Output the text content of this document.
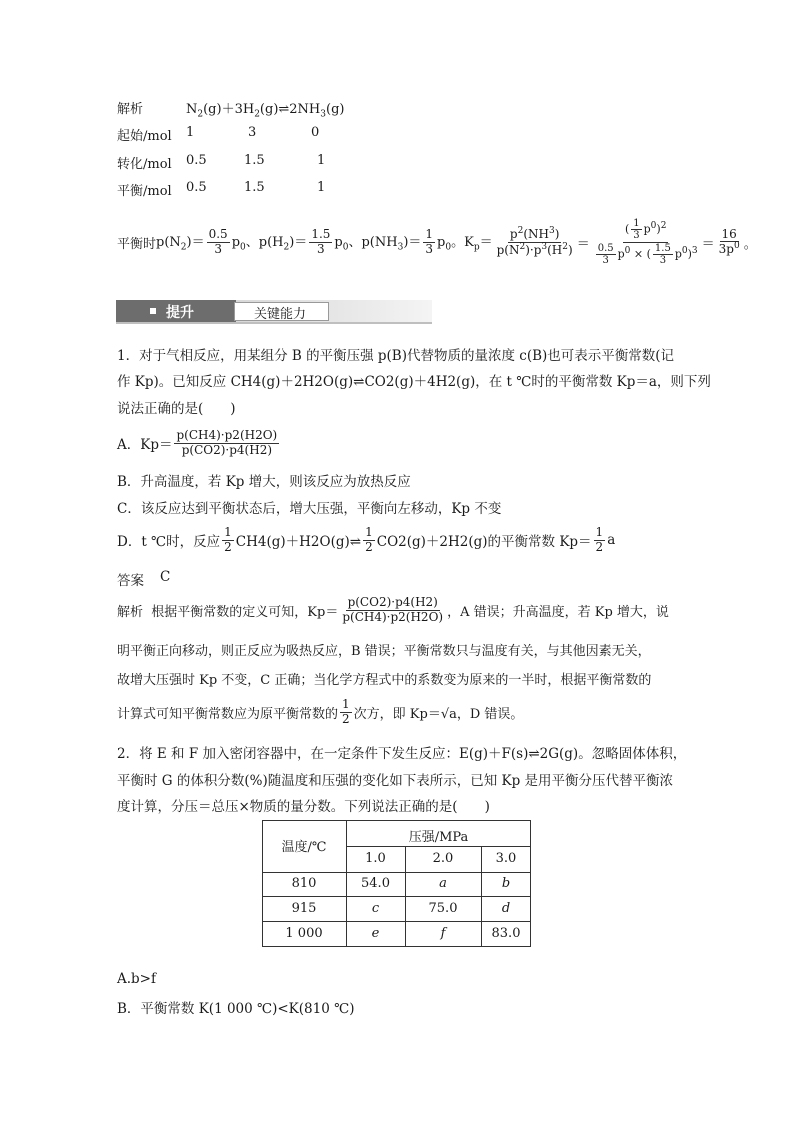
解析	$N_2(g)+3H_2(g)\rightleftharpoons 2NH_3(g)$
起始/mol 1	3	0
转化/mol 0.5	1.5	1
平衡/mol 0.5	1.5	1
平衡时 $p(N_2)= \frac{0.5}{3} p_0$、$p(H_2)= \frac{1.5}{3} p_0$、$p(NH_3)= \frac{1}{3} p_0$。$K_p= \frac{p^2(NH^3)}{p(N^2)\cdot p^3(H^2)} = \frac{( \frac{1}{3} p^0)^2}{\frac{0.5}{3} p^0 \times ( \frac{1.5}{3} p^0)^3} = \frac{16}{3p^0}$ 。
提升	关键能力
1．对于气相反应，用某组分 B 的平衡压强 p(B)代替物质的量浓度 c(B)也可表示平衡常数(记
作 Kp)。已知反应 CH4(g)＋2H2O(g)⇌CO2(g)＋4H2(g)，在 t ℃时的平衡常数 Kp＝a，则下列
说法正确的是(　　)
A．$Kp= \frac{p(CH4)\cdot p2(H2O)}{p(CO2)\cdot p4(H2)}$
B．升高温度，若 Kp 增大，则该反应为放热反应
C．该反应达到平衡状态后，增大压强，平衡向左移动，Kp 不变
D．t ℃时，反应 $\frac{1}{2}$ CH4(g)＋H2O(g)⇌ $\frac{1}{2} CO2(g)+2H2(g)$的平衡常数 $Kp= \frac{1}{2}$ a
答案 C
解析
根据平衡常数的定义可知，$Kp= \frac{p(CO2)\cdot p4(H2)}{p(CH4)\cdot p2(H2O)}$ ，A 错误；升高温度，若 Kp 增大，说
明平衡正向移动，则正反应为吸热反应，B 错误；平衡常数只与温度有关，与其他因素无关，
故增大压强时 Kp 不变，C 正确；当化学方程式中的系数变为原来的一半时，根据平衡常数的
计算式可知平衡常数应为原平衡常数的 $\frac{1}{2}$ 次方，即 Kp＝√a，D 错误。
2．将 E 和 F 加入密闭容器中，在一定条件下发生反应：E(g)＋F(s)⇌2G(g)。忽略固体体积，
平衡时 G 的体积分数(%)随温度和压强的变化如下表所示，已知 Kp 是用平衡分压代替平衡浓
度计算，分压＝总压×物质的量分数。下列说法正确的是(　　)
温度/℃
压强/MPa
1.0	2.0	3.0
810	54.0	a	b
915	c	75.0	d
1 000	e	f	83.0
A.b>f
B．平衡常数 K(1 000 ℃)<K(810 ℃)
